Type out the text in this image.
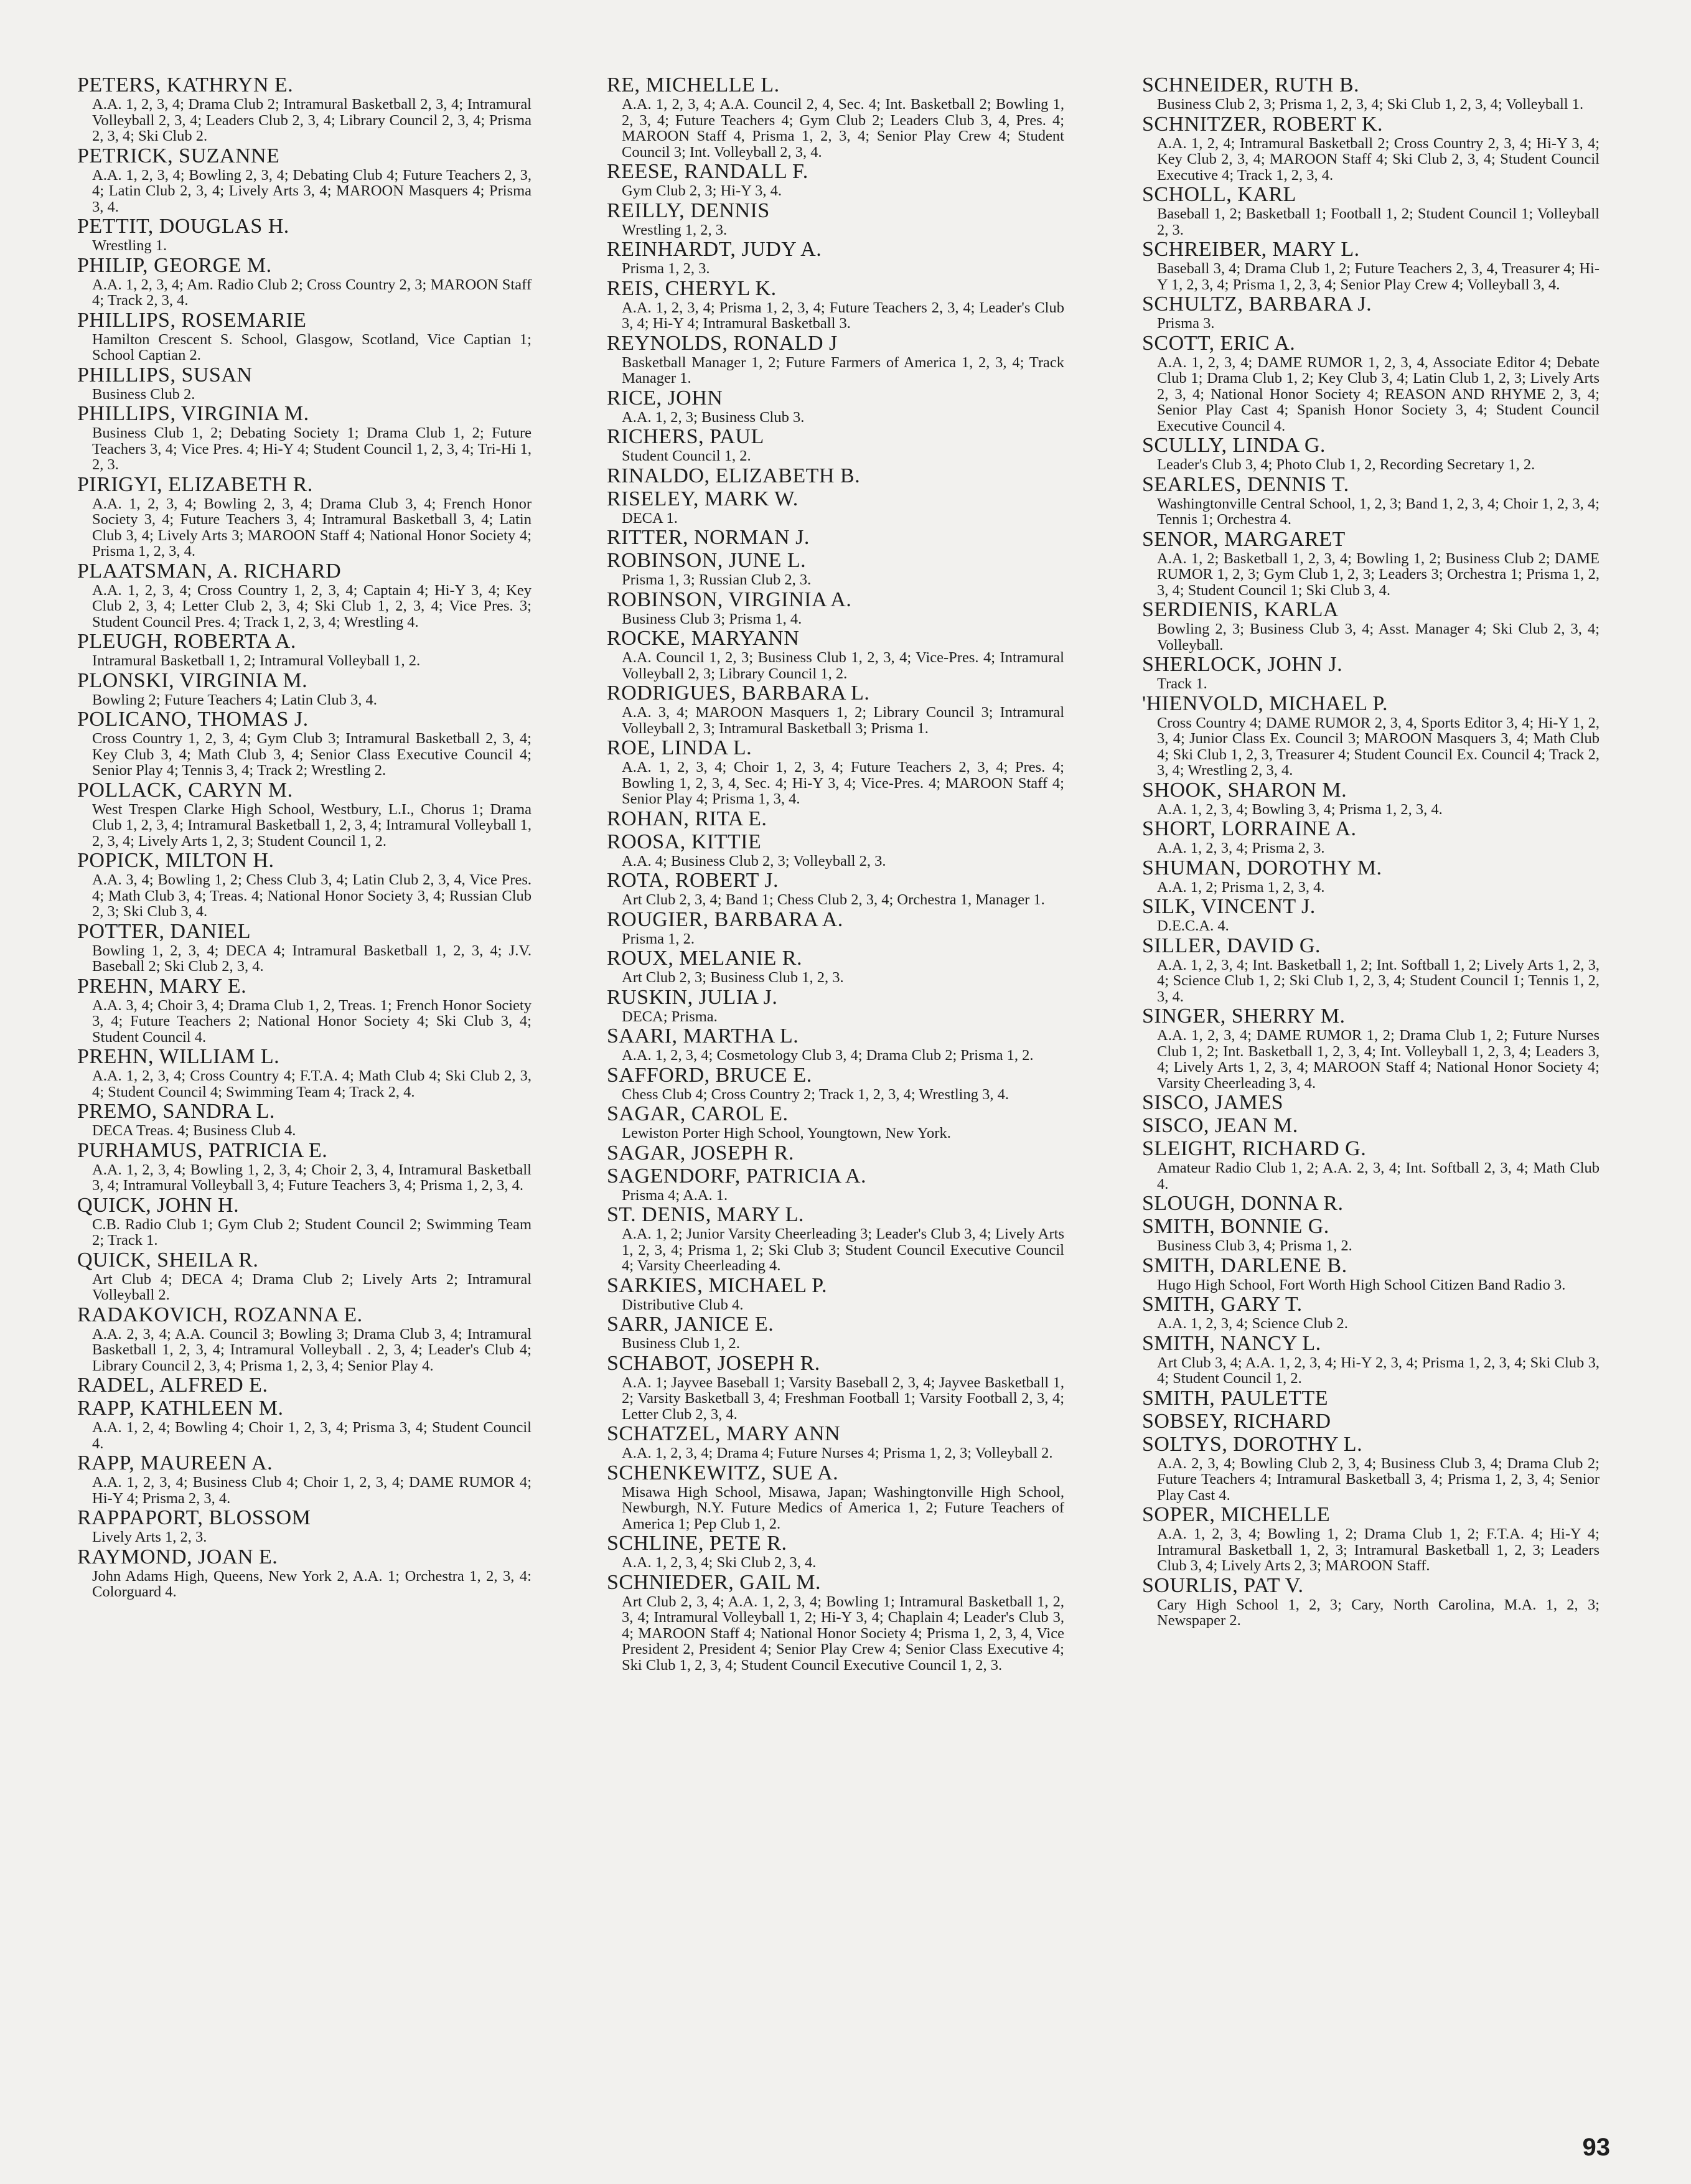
PETERS, KATHRYN E.

A.A. 1, 2, 3, 4; Drama Club 2; Intramural Basketball 2, 3, 4; Intramural Volleyball 2, 3, 4; Leaders Club 2, 3, 4; Library Council 2, 3, 4; Prisma 2, 3, 4; Ski Club 2.

PETRICK, SUZANNE

A.A. 1, 2, 3, 4; Bowling 2, 3, 4; Debating Club 4; Future Teachers 2, 3, 4; Latin Club 2, 3, 4; Lively Arts 3, 4; MAROON Masquers 4; Prisma 3, 4.

PETTIT, DOUGLAS H.

Wrestling 1.

PHILIP, GEORGE M.

A.A. 1, 2, 3, 4; Am. Radio Club 2; Cross Country 2, 3; MAROON Staff 4; Track 2, 3, 4.

PHILLIPS, ROSEMARIE

Hamilton Crescent S. School, Glasgow, Scotland, Vice Captian 1; School Captian 2.

PHILLIPS, SUSAN

Business Club 2.

PHILLIPS, VIRGINIA M.

Business Club 1, 2; Debating Society 1; Drama Club 1, 2; Future Teachers 3, 4; Vice Pres. 4; Hi-Y 4; Student Council 1, 2, 3, 4; Tri-Hi 1, 2, 3.

PIRIGYI, ELIZABETH R.

A.A. 1, 2, 3, 4; Bowling 2, 3, 4; Drama Club 3, 4; French Honor Society 3, 4; Future Teachers 3, 4; Intramural Basketball 3, 4; Latin Club 3, 4; Lively Arts 3; MAROON Staff 4; National Honor Society 4; Prisma 1, 2, 3, 4.

PLAATSMAN, A. RICHARD

A.A. 1, 2, 3, 4; Cross Country 1, 2, 3, 4; Captain 4; Hi-Y 3, 4; Key Club 2, 3, 4; Letter Club 2, 3, 4; Ski Club 1, 2, 3, 4; Vice Pres. 3; Student Council Pres. 4; Track 1, 2, 3, 4; Wrestling 4.

PLEUGH, ROBERTA A.

Intramural Basketball 1, 2; Intramural Volleyball 1, 2.

PLONSKI, VIRGINIA M.

Bowling 2; Future Teachers 4; Latin Club 3, 4.

POLICANO, THOMAS J.

Cross Country 1, 2, 3, 4; Gym Club 3; Intramural Basketball 2, 3, 4; Key Club 3, 4; Math Club 3, 4; Senior Class Executive Council 4; Senior Play 4; Tennis 3, 4; Track 2; Wrestling 2.

POLLACK, CARYN M.

West Trespen Clarke High School, Westbury, L.I., Chorus 1; Drama Club 1, 2, 3, 4; Intramural Basketball 1, 2, 3, 4; Intramural Volleyball 1, 2, 3, 4; Lively Arts 1, 2, 3; Student Council 1, 2.

POPICK, MILTON H.

A.A. 3, 4; Bowling 1, 2; Chess Club 3, 4; Latin Club 2, 3, 4, Vice Pres. 4; Math Club 3, 4; Treas. 4; National Honor Society 3, 4; Russian Club 2, 3; Ski Club 3, 4.

POTTER, DANIEL

Bowling 1, 2, 3, 4; DECA 4; Intramural Basketball 1, 2, 3, 4; J.V. Baseball 2; Ski Club 2, 3, 4.

PREHN, MARY E.

A.A. 3, 4; Choir 3, 4; Drama Club 1, 2, Treas. 1; French Honor Society 3, 4; Future Teachers 2; National Honor Society 4; Ski Club 3, 4; Student Council 4.

PREHN, WILLIAM L.

A.A. 1, 2, 3, 4; Cross Country 4; F.T.A. 4; Math Club 4; Ski Club 2, 3, 4; Student Council 4; Swimming Team 4; Track 2, 4.

PREMO, SANDRA L.

DECA Treas. 4; Business Club 4.

PURHAMUS, PATRICIA E.

A.A. 1, 2, 3, 4; Bowling 1, 2, 3, 4; Choir 2, 3, 4, Intramural Basketball 3, 4; Intramural Volleyball 3, 4; Future Teachers 3, 4; Prisma 1, 2, 3, 4.

QUICK, JOHN H.

C.B. Radio Club 1; Gym Club 2; Student Council 2; Swimming Team 2; Track 1.

QUICK, SHEILA R.

Art Club 4; DECA 4; Drama Club 2; Lively Arts 2; Intramural Volleyball 2.

RADAKOVICH, ROZANNA E.

A.A. 2, 3, 4; A.A. Council 3; Bowling 3; Drama Club 3, 4; Intramural Basketball 1, 2, 3, 4; Intramural Volleyball . 2, 3, 4; Leader's Club 4; Library Council 2, 3, 4; Prisma 1, 2, 3, 4; Senior Play 4.

RADEL, ALFRED E.

RAPP, KATHLEEN M.

A.A. 1, 2, 4; Bowling 4; Choir 1, 2, 3, 4; Prisma 3, 4; Student Council 4.

RAPP, MAUREEN A.

A.A. 1, 2, 3, 4; Business Club 4; Choir 1, 2, 3, 4; DAME RUMOR 4; Hi-Y 4; Prisma 2, 3, 4.

RAPPAPORT, BLOSSOM

Lively Arts 1, 2, 3.

RAYMOND, JOAN E.

John Adams High, Queens, New York 2, A.A. 1; Orchestra 1, 2, 3, 4: Colorguard 4.

RE, MICHELLE L.

A.A. 1, 2, 3, 4; A.A. Council 2, 4, Sec. 4; Int. Basketball 2; Bowling 1, 2, 3, 4; Future Teachers 4; Gym Club 2; Leaders Club 3, 4, Pres. 4; MAROON Staff 4, Prisma 1, 2, 3, 4; Senior Play Crew 4; Student Council 3; Int. Volleyball 2, 3, 4.

REESE, RANDALL F.

Gym Club 2, 3; Hi-Y 3, 4.

REILLY, DENNIS

Wrestling 1, 2, 3.

REINHARDT, JUDY A.

Prisma 1, 2, 3.

REIS, CHERYL K.

A.A. 1, 2, 3, 4; Prisma 1, 2, 3, 4; Future Teachers 2, 3, 4; Leader's Club 3, 4; Hi-Y 4; Intramural Basketball 3.

REYNOLDS, RONALD J

Basketball Manager 1, 2; Future Farmers of America 1, 2, 3, 4; Track Manager 1.

RICE, JOHN

A.A. 1, 2, 3; Business Club 3.

RICHERS, PAUL

Student Council 1, 2.

RINALDO, ELIZABETH B.

RISELEY, MARK W.

DECA 1.

RITTER, NORMAN J.

ROBINSON, JUNE L.

Prisma 1, 3; Russian Club 2, 3.

ROBINSON, VIRGINIA A.

Business Club 3; Prisma 1, 4.

ROCKE, MARYANN

A.A. Council 1, 2, 3; Business Club 1, 2, 3, 4; Vice-Pres. 4; Intramural Volleyball 2, 3; Library Council 1, 2.

RODRIGUES, BARBARA L.

A.A. 3, 4; MAROON Masquers 1, 2; Library Council 3; Intramural Volleyball 2, 3; Intramural Basketball 3; Prisma 1.

ROE, LINDA L.

A.A. 1, 2, 3, 4; Choir 1, 2, 3, 4; Future Teachers 2, 3, 4; Pres. 4; Bowling 1, 2, 3, 4, Sec. 4; Hi-Y 3, 4; Vice-Pres. 4; MAROON Staff 4; Senior Play 4; Prisma 1, 3, 4.

ROHAN, RITA E.

ROOSA, KITTIE

A.A. 4; Business Club 2, 3; Volleyball 2, 3.

ROTA, ROBERT J.

Art Club 2, 3, 4; Band 1; Chess Club 2, 3, 4; Orchestra 1, Manager 1.

ROUGIER, BARBARA A.

Prisma 1, 2.

ROUX, MELANIE R.

Art Club 2, 3; Business Club 1, 2, 3.

RUSKIN, JULIA J.

DECA; Prisma.

SAARI, MARTHA L.

A.A. 1, 2, 3, 4; Cosmetology Club 3, 4; Drama Club 2; Prisma 1, 2.

SAFFORD, BRUCE E.

Chess Club 4; Cross Country 2; Track 1, 2, 3, 4; Wrestling 3, 4.

SAGAR, CAROL E.

Lewiston Porter High School, Youngtown, New York.

SAGAR, JOSEPH R.

SAGENDORF, PATRICIA A.

Prisma 4; A.A. 1.

ST. DENIS, MARY L.

A.A. 1, 2; Junior Varsity Cheerleading 3; Leader's Club 3, 4; Lively Arts 1, 2, 3, 4; Prisma 1, 2; Ski Club 3; Student Council Executive Council 4; Varsity Cheerleading 4.

SARKIES, MICHAEL P.

Distributive Club 4.

SARR, JANICE E.

Business Club 1, 2.

SCHABOT, JOSEPH R.

A.A. 1; Jayvee Baseball 1; Varsity Baseball 2, 3, 4; Jayvee Basketball 1, 2; Varsity Basketball 3, 4; Freshman Football 1; Varsity Football 2, 3, 4; Letter Club 2, 3, 4.

SCHATZEL, MARY ANN

A.A. 1, 2, 3, 4; Drama 4; Future Nurses 4; Prisma 1, 2, 3; Volleyball 2.

SCHENKEWITZ, SUE A.

Misawa High School, Misawa, Japan; Washingtonville High School, Newburgh, N.Y. Future Medics of America 1, 2; Future Teachers of America 1; Pep Club 1, 2.

SCHLINE, PETE R.

A.A. 1, 2, 3, 4; Ski Club 2, 3, 4.

SCHNIEDER, GAIL M.

Art Club 2, 3, 4; A.A. 1, 2, 3, 4; Bowling 1; Intramural Basketball 1, 2, 3, 4; Intramural Volleyball 1, 2; Hi-Y 3, 4; Chaplain 4; Leader's Club 3, 4; MAROON Staff 4; National Honor Society 4; Prisma 1, 2, 3, 4, Vice President 2, President 4; Senior Play Crew 4; Senior Class Executive 4; Ski Club 1, 2, 3, 4; Student Council Executive Council 1, 2, 3.

SCHNEIDER, RUTH B.

Business Club 2, 3; Prisma 1, 2, 3, 4; Ski Club 1, 2, 3, 4; Volleyball 1.

SCHNITZER, ROBERT K.

A.A. 1, 2, 4; Intramural Basketball 2; Cross Country 2, 3, 4; Hi-Y 3, 4; Key Club 2, 3, 4; MAROON Staff 4; Ski Club 2, 3, 4; Student Council Executive 4; Track 1, 2, 3, 4.

SCHOLL, KARL

Baseball 1, 2; Basketball 1; Football 1, 2; Student Council 1; Volleyball 2, 3.

SCHREIBER, MARY L.

Baseball 3, 4; Drama Club 1, 2; Future Teachers 2, 3, 4, Treasurer 4; Hi-Y 1, 2, 3, 4; Prisma 1, 2, 3, 4; Senior Play Crew 4; Volleyball 3, 4.

SCHULTZ, BARBARA J.

Prisma 3.

SCOTT, ERIC A.

A.A. 1, 2, 3, 4; DAME RUMOR 1, 2, 3, 4, Associate Editor 4; Debate Club 1; Drama Club 1, 2; Key Club 3, 4; Latin Club 1, 2, 3; Lively Arts 2, 3, 4; National Honor Society 4; REASON AND RHYME 2, 3, 4; Senior Play Cast 4; Spanish Honor Society 3, 4; Student Council Executive Council 4.

SCULLY, LINDA G.

Leader's Club 3, 4; Photo Club 1, 2, Recording Secretary 1, 2.

SEARLES, DENNIS T.

Washingtonville Central School, 1, 2, 3; Band 1, 2, 3, 4; Choir 1, 2, 3, 4; Tennis 1; Orchestra 4.

SENOR, MARGARET

A.A. 1, 2; Basketball 1, 2, 3, 4; Bowling 1, 2; Business Club 2; DAME RUMOR 1, 2, 3; Gym Club 1, 2, 3; Leaders 3; Orchestra 1; Prisma 1, 2, 3, 4; Student Council 1; Ski Club 3, 4.

SERDIENIS, KARLA

Bowling 2, 3; Business Club 3, 4; Asst. Manager 4; Ski Club 2, 3, 4; Volleyball.

SHERLOCK, JOHN J.

Track 1.

'HIENVOLD, MICHAEL P.

Cross Country 4; DAME RUMOR 2, 3, 4, Sports Editor 3, 4; Hi-Y 1, 2, 3, 4; Junior Class Ex. Council 3; MAROON Masquers 3, 4; Math Club 4; Ski Club 1, 2, 3, Treasurer 4; Student Council Ex. Council 4; Track 2, 3, 4; Wrestling 2, 3, 4.

SHOOK, SHARON M.

A.A. 1, 2, 3, 4; Bowling 3, 4; Prisma 1, 2, 3, 4.

SHORT, LORRAINE A.

A.A. 1, 2, 3, 4; Prisma 2, 3.

SHUMAN, DOROTHY M.

A.A. 1, 2; Prisma 1, 2, 3, 4.

SILK, VINCENT J.

D.E.C.A. 4.

SILLER, DAVID G.

A.A. 1, 2, 3, 4; Int. Basketball 1, 2; Int. Softball 1, 2; Lively Arts 1, 2, 3, 4; Science Club 1, 2; Ski Club 1, 2, 3, 4; Student Council 1; Tennis 1, 2, 3, 4.

SINGER, SHERRY M.

A.A. 1, 2, 3, 4; DAME RUMOR 1, 2; Drama Club 1, 2; Future Nurses Club 1, 2; Int. Basketball 1, 2, 3, 4; Int. Volleyball 1, 2, 3, 4; Leaders 3, 4; Lively Arts 1, 2, 3, 4; MAROON Staff 4; National Honor Society 4; Varsity Cheerleading 3, 4.

SISCO, JAMES

SISCO, JEAN M.

SLEIGHT, RICHARD G.

Amateur Radio Club 1, 2; A.A. 2, 3, 4; Int. Softball 2, 3, 4; Math Club 4.

SLOUGH, DONNA R.

SMITH, BONNIE G.

Business Club 3, 4; Prisma 1, 2.

SMITH, DARLENE B.

Hugo High School, Fort Worth High School Citizen Band Radio 3.

SMITH, GARY T.

A.A. 1, 2, 3, 4; Science Club 2.

SMITH, NANCY L.

Art Club 3, 4; A.A. 1, 2, 3, 4; Hi-Y 2, 3, 4; Prisma 1, 2, 3, 4; Ski Club 3, 4; Student Council 1, 2.

SMITH, PAULETTE

SOBSEY, RICHARD

SOLTYS, DOROTHY L.

A.A. 2, 3, 4; Bowling Club 2, 3, 4; Business Club 3, 4; Drama Club 2; Future Teachers 4; Intramural Basketball 3, 4; Prisma 1, 2, 3, 4; Senior Play Cast 4.

SOPER, MICHELLE

A.A. 1, 2, 3, 4; Bowling 1, 2; Drama Club 1, 2; F.T.A. 4; Hi-Y 4; Intramural Basketball 1, 2, 3; Intramural Basketball 1, 2, 3; Leaders Club 3, 4; Lively Arts 2, 3; MAROON Staff.

SOURLIS, PAT V.

Cary High School 1, 2, 3; Cary, North Carolina, M.A. 1, 2, 3; Newspaper 2.

93
